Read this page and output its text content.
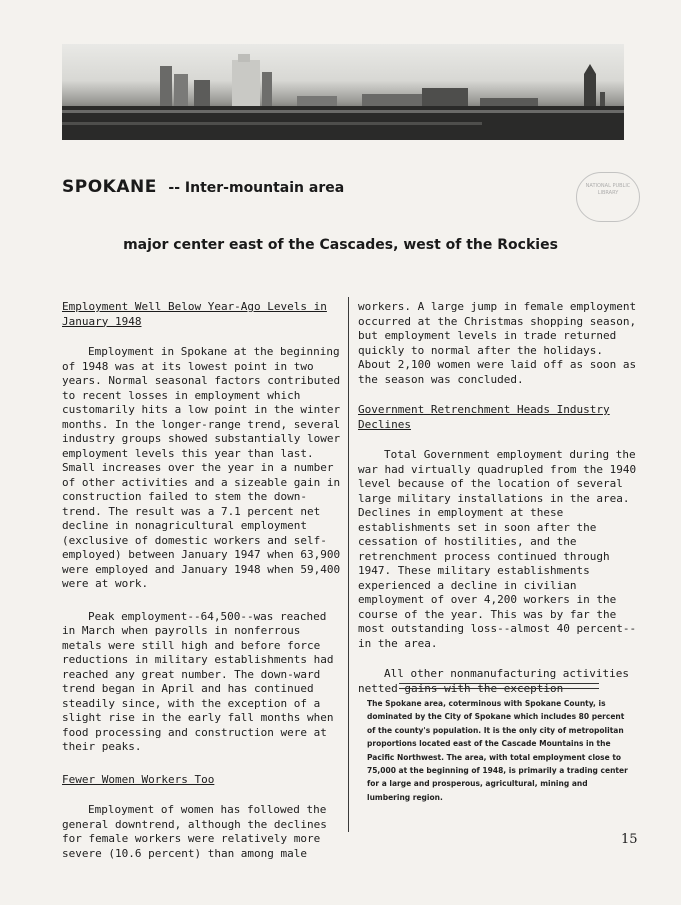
SPOKANE -- Inter-mountain area	NATIONAL PUBLIC LIBRARY
major center east of the Cascades, west of the Rockies

Employment Well Below Year-Ago Levels in January 1948

Employment in Spokane at the beginning of 1948 was at its lowest point in two years. Normal seasonal factors contributed to recent losses in employment which customarily hits a low point in the winter months. In the longer-range trend, several industry groups showed substantially lower employment levels this year than last. Small increases over the year in a number of other activities and a sizeable gain in construction failed to stem the down-trend. The result was a 7.1 percent net decline in nonagricultural employment (exclusive of domestic workers and self-employed) between January 1947 when 63,900 were employed and January 1948 when 59,400 were at work.

Peak employment--64,500--was reached in March when payrolls in nonferrous metals were still high and before force reductions in military establishments had reached any great number. The down-ward trend began in April and has continued steadily since, with the exception of a slight rise in the early fall months when food processing and construction were at their peaks.

Fewer Women Workers Too

Employment of women has followed the general downtrend, although the declines for female workers were relatively more severe (10.6 percent) than among male

workers. A large jump in female employment occurred at the Christmas shopping season, but employment levels in trade returned quickly to normal after the holidays. About 2,100 women were laid off as soon as the season was concluded.

Government Retrenchment Heads Industry Declines

Total Government employment during the war had virtually quadrupled from the 1940 level because of the location of several large military installations in the area. Declines in employment at these establishments set in soon after the cessation of hostilities, and the retrenchment process continued through 1947. These military establishments experienced a decline in civilian employment of over 4,200 workers in the course of the year. This was by far the most outstanding loss--almost 40 percent--in the area.

All other nonmanufacturing activities netted gains with the exception

The Spokane area, coterminous with Spokane County, is dominated by the City of Spokane which includes 80 percent of the county's population. It is the only city of metropolitan proportions located east of the Cascade Mountains in the Pacific Northwest. The area, with total employment close to 75,000 at the beginning of 1948, is primarily a trading center for a large and prosperous, agricultural, mining and lumbering region.

15
